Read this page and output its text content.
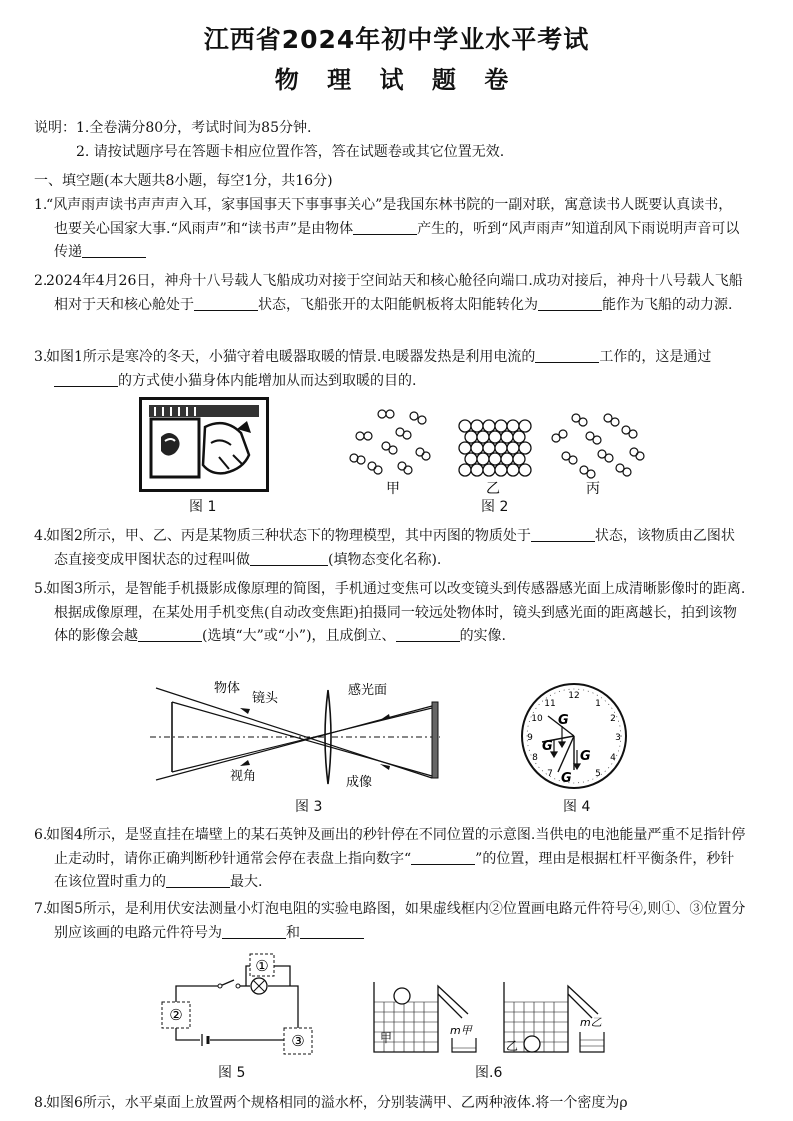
江西省2024年初中学业水平考试
物 理 试 题 卷
说明：1.全卷满分80分，考试时间为85分钟.
2. 请按试题序号在答题卡相应位置作答，答在试题卷或其它位置无效.
一、填空题(本大题共8小题，每空1分，共16分)
1.
“风声雨声读书声声声入耳，家事国事天下事事事关心”是我国东林书院的一副对联，寓意读书人既要认真读书，也要关心国家大事.“风雨声”和“读书声”是由物体	产生的，听到“风声雨声”知道刮风下雨说明声音可以传递
2.
2024年4月26日，神舟十八号载人飞船成功对接于空间站天和核心舱径向端口.成功对接后，神舟十八号载人飞船相对于天和核心舱处于	状态，飞船张开的太阳能帆板将太阳能转化为	能作为飞船的动力源.
3.
如图1所示是寒冷的冬天，小猫守着电暖器取暖的情景.电暖器发热是利用电流的	工作的，这是通过的方式使小猫身体内能增加从而达到取暖的目的.
图 1
甲	乙	丙
图 2
4.
如图2所示，甲、乙、丙是某物质三种状态下的物理模型，其中丙图的物质处于	状态，该物质由乙图状态直接变成甲图状态的过程叫做	(填物态变化名称).
5.
如图3所示，是智能手机摄影成像原理的简图，手机通过变焦可以改变镜头到传感器感光面上成清晰影像时的距离.根据成像原理，在某处用手机变焦(自动改变焦距)拍摄同一较远处物体时，镜头到感光面的距离越长，拍到该物体的影像会越	(选填“大”或“小”)，且成倒立、	的实像.
物体
镜头
感光面
视角	成像
图 3
12
1
2
3
4
5
7
8
9
10
11
G
G
G
G
图 4
6.
如图4所示，是竖直挂在墙壁上的某石英钟及画出的秒针停在不同位置的示意图.当供电的电池能量严重不足指针停止走动时，请你正确判断秒针通常会停在表盘上指向数字“	”的位置，理由是根据杠杆平衡条件，秒针在该位置时重力的	最大.
7.
如图5所示，是利用伏安法测量小灯泡电阻的实验电路图，如果虚线框内②位置画电路元件符号④,则①、③位置分别应该画的电路元件符号为	和
①
②
③
图 5
甲
乙
m甲
m乙
图.6
8.
如图6所示，水平桌面上放置两个规格相同的溢水杯，分别装满甲、乙两种液体.将一个密度为ρ
